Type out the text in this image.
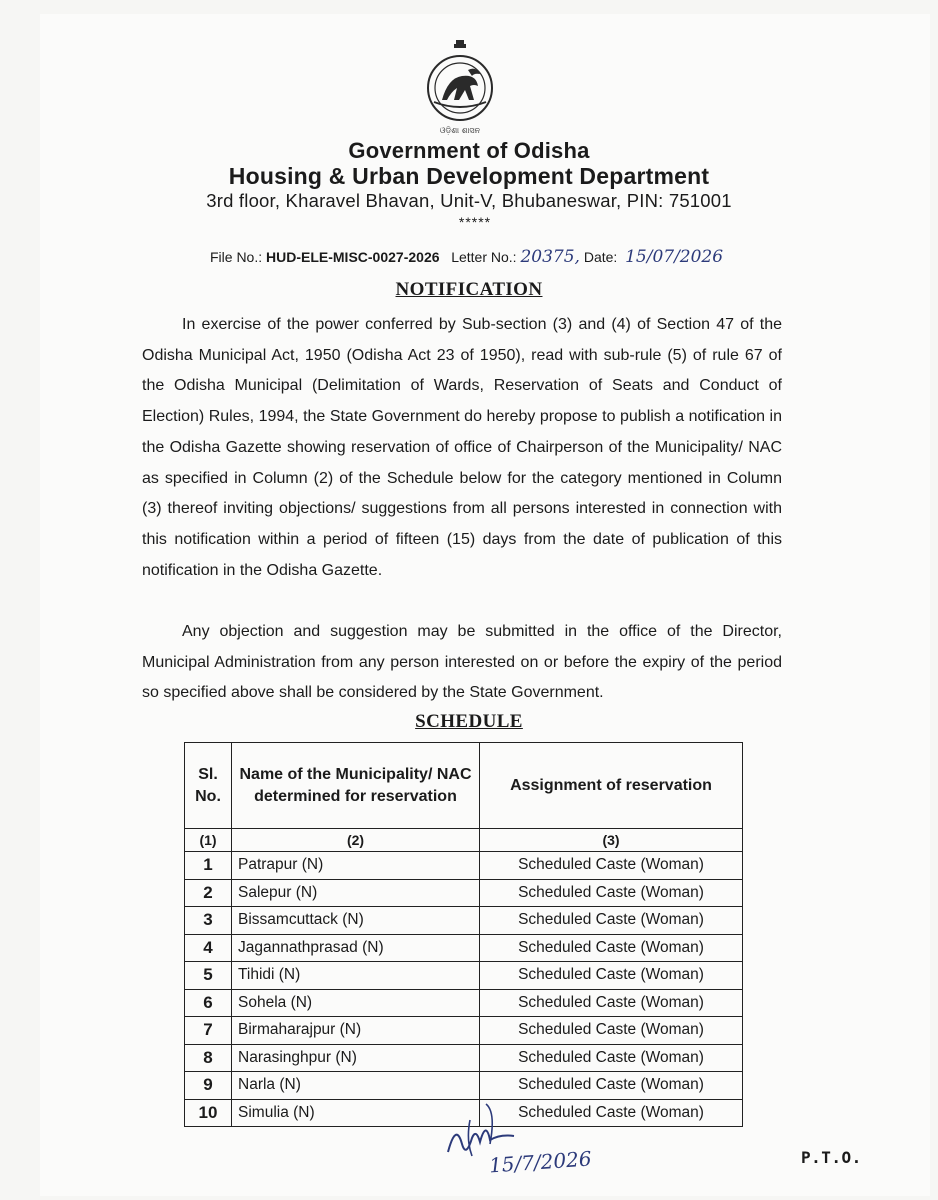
ଓଡ଼ିଶା ଶାସନ
Government of Odisha
Housing & Urban Development Department
3rd floor, Kharavel Bhavan, Unit-V, Bhubaneswar, PIN: 751001
*****
File No.: HUD-ELE-MISC-0027-2026 Letter No.: 20375, Date: 15/07/2026
NOTIFICATION
In exercise of the power conferred by Sub-section (3) and (4) of Section 47 of the Odisha Municipal Act, 1950 (Odisha Act 23 of 1950), read with sub-rule (5) of rule 67 of the Odisha Municipal (Delimitation of Wards, Reservation of Seats and Conduct of Election) Rules, 1994, the State Government do hereby propose to publish a notification in the Odisha Gazette showing reservation of office of Chairperson of the Municipality/ NAC as specified in Column (2) of the Schedule below for the category mentioned in Column (3) thereof inviting objections/ suggestions from all persons interested in connection with this notification within a period of fifteen (15) days from the date of publication of this notification in the Odisha Gazette.
Any objection and suggestion may be submitted in the office of the Director, Municipal Administration from any person interested on or before the expiry of the period so specified above shall be considered by the State Government.
SCHEDULE
Sl. No.	Name of the Municipality/ NAC determined for reservation	Assignment of reservation
(1)	(2)	(3)
1	Patrapur (N)	Scheduled Caste (Woman)
2	Salepur (N)	Scheduled Caste (Woman)
3	Bissamcuttack (N)	Scheduled Caste (Woman)
4	Jagannathprasad (N)	Scheduled Caste (Woman)
5	Tihidi (N)	Scheduled Caste (Woman)
6	Sohela (N)	Scheduled Caste (Woman)
7	Birmaharajpur (N)	Scheduled Caste (Woman)
8	Narasinghpur (N)	Scheduled Caste (Woman)
9	Narla (N)	Scheduled Caste (Woman)
10	Simulia (N)	Scheduled Caste (Woman)
15/7/2026	P.T.O.
